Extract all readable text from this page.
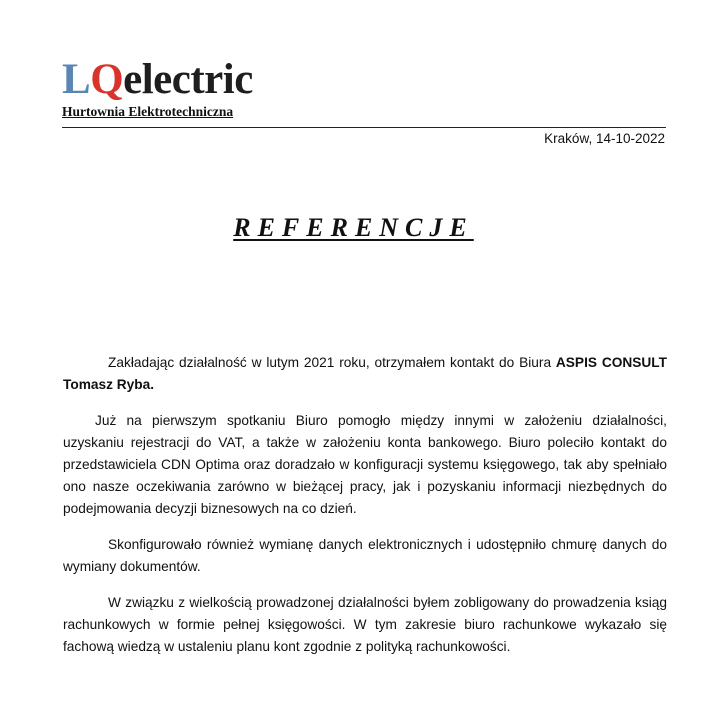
LQelectric
Hurtownia Elektrotechniczna
Kraków, 14-10-2022
REFERENCJE

Zakładając działalność w lutym 2021 roku, otrzymałem kontakt do Biura ASPIS CONSULT Tomasz Ryba.

Już na pierwszym spotkaniu Biuro pomogło między innymi w założeniu działalności, uzyskaniu rejestracji do VAT, a także w założeniu konta bankowego. Biuro poleciło kontakt do przedstawiciela CDN Optima oraz doradzało w konfiguracji systemu księgowego, tak aby spełniało ono nasze oczekiwania zarówno w bieżącej pracy, jak i pozyskaniu informacji niezbędnych do podejmowania decyzji biznesowych na co dzień.

Skonfigurowało również wymianę danych elektronicznych i udostępniło chmurę danych do wymiany dokumentów.

W związku z wielkością prowadzonej działalności byłem zobligowany do prowadzenia ksiąg rachunkowych w formie pełnej księgowości. W tym zakresie biuro rachunkowe wykazało się fachową wiedzą w ustaleniu planu kont zgodnie z polityką rachunkowości.
